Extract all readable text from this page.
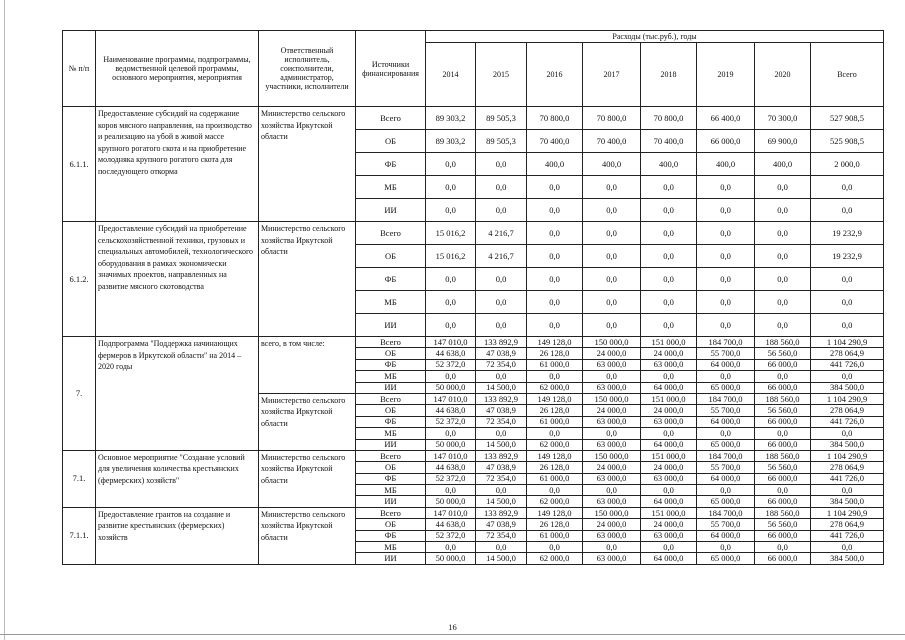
№ п/п	Наименование программы, подпрограммы, ведомственной целевой программы, основного мероприятия, мероприятия	Ответственный исполнитель, соисполнители, администратор, участники, исполнители	Источники финансирования	Расходы (тыс.руб.), годы							
				2014	2015	2016	2017	2018	2019	2020	Всего
6.1.1.	Предоставление субсидий на содержание коров мясного направления, на производство и реализацию на убой в живой массе крупного рогатого скота и на приобретение молодняка крупного рогатого скота для последующего откорма	Министерство сельского хозяйства Иркутской области	Всего	89 303,2	89 505,3	70 800,0	70 800,0	70 800,0	66 400,0	70 300,0	527 908,5
			ОБ	89 303,2	89 505,3	70 400,0	70 400,0	70 400,0	66 000,0	69 900,0	525 908,5
			ФБ	0,0	0,0	400,0	400,0	400,0	400,0	400,0	2 000,0
			МБ	0,0	0,0	0,0	0,0	0,0	0,0	0,0	0,0
			ИИ	0,0	0,0	0,0	0,0	0,0	0,0	0,0	0,0
6.1.2.	Предоставление субсидий на приобретение сельскохозяйственной техники, грузовых и специальных автомобилей, технологического оборудования в рамках экономически значимых проектов, направленных на развитие мясного скотоводства	Министерство сельского хозяйства Иркутской области	Всего	15 016,2	4 216,7	0,0	0,0	0,0	0,0	0,0	19 232,9
			ОБ	15 016,2	4 216,7	0,0	0,0	0,0	0,0	0,0	19 232,9
			ФБ	0,0	0,0	0,0	0,0	0,0	0,0	0,0	0,0
			МБ	0,0	0,0	0,0	0,0	0,0	0,0	0,0	0,0
			ИИ	0,0	0,0	0,0	0,0	0,0	0,0	0,0	0,0
7.	Подпрограмма "Поддержка начинающих фермеров в Иркутской области" на 2014 – 2020 годы	всего, в том числе:	Всего	147 010,0	133 892,9	149 128,0	150 000,0	151 000,0	184 700,0	188 560,0	1 104 290,9
			ОБ	44 638,0	47 038,9	26 128,0	24 000,0	24 000,0	55 700,0	56 560,0	278 064,9
			ФБ	52 372,0	72 354,0	61 000,0	63 000,0	63 000,0	64 000,0	66 000,0	441 726,0
			МБ	0,0	0,0	0,0	0,0	0,0	0,0	0,0	0,0
			ИИ	50 000,0	14 500,0	62 000,0	63 000,0	64 000,0	65 000,0	66 000,0	384 500,0
		Министерство сельского хозяйства Иркутской области	Всего	147 010,0	133 892,9	149 128,0	150 000,0	151 000,0	184 700,0	188 560,0	1 104 290,9
			ОБ	44 638,0	47 038,9	26 128,0	24 000,0	24 000,0	55 700,0	56 560,0	278 064,9
			ФБ	52 372,0	72 354,0	61 000,0	63 000,0	63 000,0	64 000,0	66 000,0	441 726,0
			МБ	0,0	0,0	0,0	0,0	0,0	0,0	0,0	0,0
			ИИ	50 000,0	14 500,0	62 000,0	63 000,0	64 000,0	65 000,0	66 000,0	384 500,0
7.1.	Основное мероприятие "Создание условий для увеличения количества крестьянских (фермерских) хозяйств"	Министерство сельского хозяйства Иркутской области	Всего	147 010,0	133 892,9	149 128,0	150 000,0	151 000,0	184 700,0	188 560,0	1 104 290,9
			ОБ	44 638,0	47 038,9	26 128,0	24 000,0	24 000,0	55 700,0	56 560,0	278 064,9
			ФБ	52 372,0	72 354,0	61 000,0	63 000,0	63 000,0	64 000,0	66 000,0	441 726,0
			МБ	0,0	0,0	0,0	0,0	0,0	0,0	0,0	0,0
			ИИ	50 000,0	14 500,0	62 000,0	63 000,0	64 000,0	65 000,0	66 000,0	384 500,0
7.1.1.	Предоставление грантов на создание и развитие крестьянских (фермерских) хозяйств	Министерство сельского хозяйства Иркутской области	Всего	147 010,0	133 892,9	149 128,0	150 000,0	151 000,0	184 700,0	188 560,0	1 104 290,9
			ОБ	44 638,0	47 038,9	26 128,0	24 000,0	24 000,0	55 700,0	56 560,0	278 064,9
			ФБ	52 372,0	72 354,0	61 000,0	63 000,0	63 000,0	64 000,0	66 000,0	441 726,0
			МБ	0,0	0,0	0,0	0,0	0,0	0,0	0,0	0,0
			ИИ	50 000,0	14 500,0	62 000,0	63 000,0	64 000,0	65 000,0	66 000,0	384 500,0
16
